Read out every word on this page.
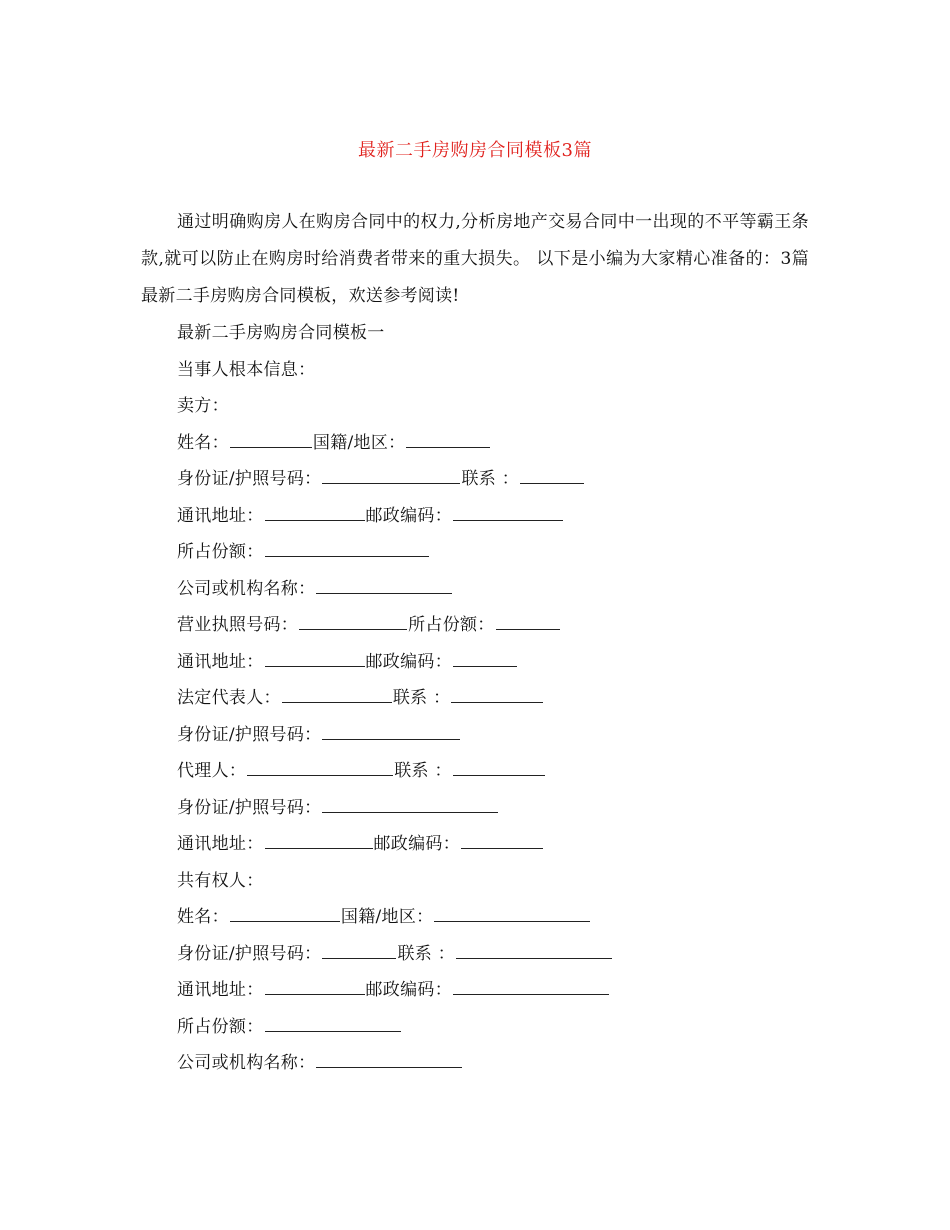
最新二手房购房合同模板3篇
通过明确购房人在购房合同中的权力,分析房地产交易合同中一出现的不平等霸王条款,就可以防止在购房时给消费者带来的重大损失。 以下是小编为大家精心准备的：3篇最新二手房购房合同模板，欢送参考阅读!
最新二手房购房合同模板一
当事人根本信息：
卖方：
姓名：	国籍/地区：
身份证/护照号码：	联系 ：
通讯地址：	邮政编码：
所占份额：
公司或机构名称：
营业执照号码：	所占份额：
通讯地址：	邮政编码：
法定代表人：	联系 ：
身份证/护照号码：
代理人：	联系 ：
身份证/护照号码：
通讯地址：	邮政编码：
共有权人：
姓名：	国籍/地区：
身份证/护照号码：	联系 ：
通讯地址：	邮政编码：
所占份额：
公司或机构名称：
